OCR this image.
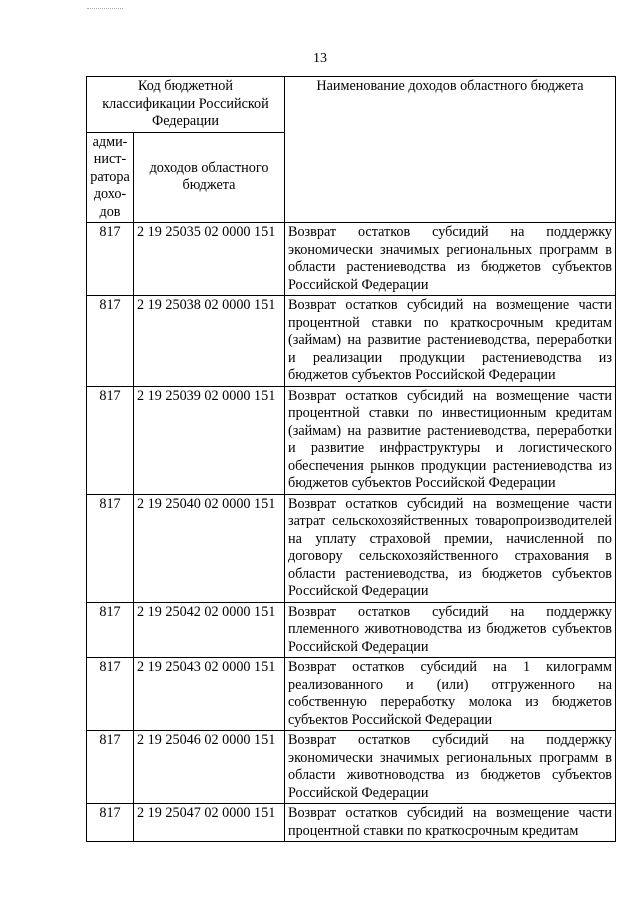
13
Код бюджетной классификации Российской Федерации		Наименование доходов областного бюджета
адми-нист-ратора дохо-дов	доходов областного бюджета	
817	2 19 25035 02 0000 151	Возврат остатков субсидий на поддержку экономически значимых региональных программ в области растениеводства из бюджетов субъектов Российской Федерации
817	2 19 25038 02 0000 151	Возврат остатков субсидий на возмещение части процентной ставки по краткосрочным кредитам (займам) на развитие растениеводства, переработки и реализации продукции растениеводства из бюджетов субъектов Российской Федерации
817	2 19 25039 02 0000 151	Возврат остатков субсидий на возмещение части процентной ставки по инвестиционным кредитам (займам) на развитие растениеводства, переработки и развитие инфраструктуры и логистического обеспечения рынков продукции растениеводства из бюджетов субъектов Российской Федерации
817	2 19 25040 02 0000 151	Возврат остатков субсидий на возмещение части затрат сельскохозяйственных товаропроизводителей на уплату страховой премии, начисленной по договору сельскохозяйственного страхования в области растениеводства, из бюджетов субъектов Российской Федерации
817	2 19 25042 02 0000 151	Возврат остатков субсидий на поддержку племенного животноводства из бюджетов субъектов Российской Федерации
817	2 19 25043 02 0000 151	Возврат остатков субсидий на 1 килограмм реализованного и (или) отгруженного на собственную переработку молока из бюджетов субъектов Российской Федерации
817	2 19 25046 02 0000 151	Возврат остатков субсидий на поддержку экономически значимых региональных программ в области животноводства из бюджетов субъектов Российской Федерации
817	2 19 25047 02 0000 151	Возврат остатков субсидий на возмещение части процентной ставки по краткосрочным кредитам
